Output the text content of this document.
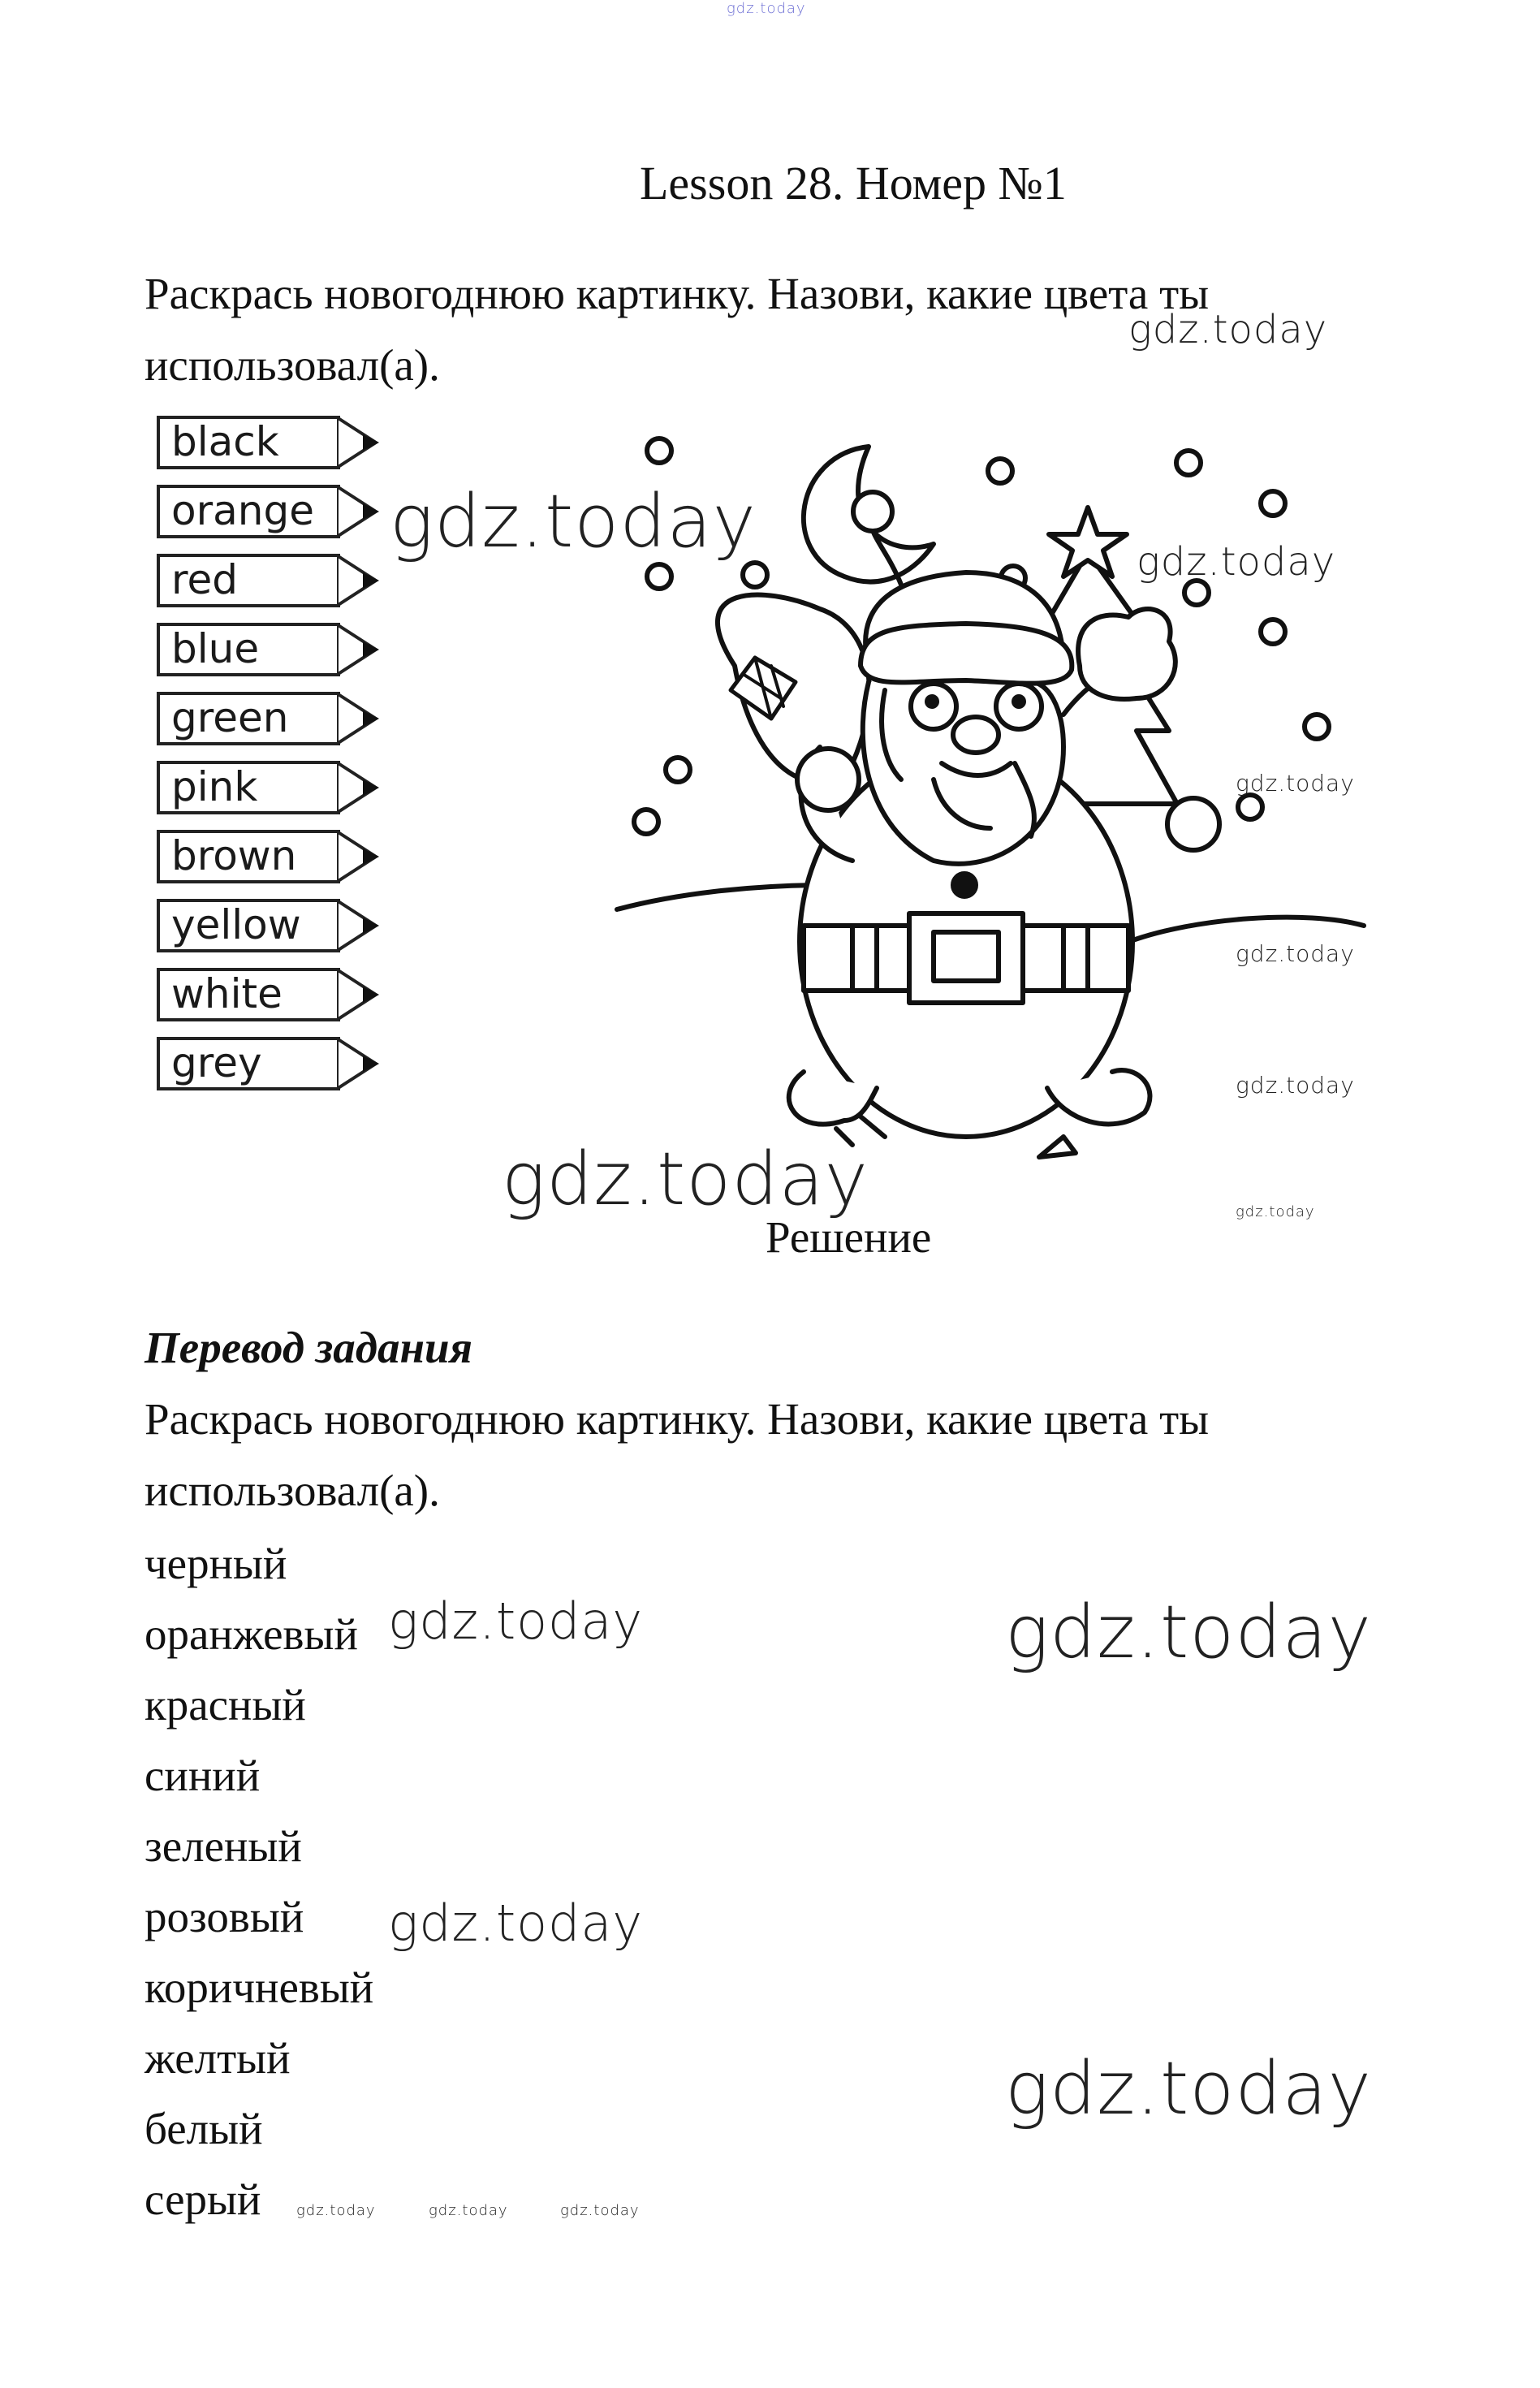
gdz.today
Lesson 28. Номер №1
Раскрась новогоднюю картинку. Назови, какие цвета ты
использовал(а).
black
orange
red
blue
green
pink
brown
yellow
white
grey
gdz.today
gdz.today	gdz.today
gdz.today
gdz.today
gdz.today
gdz.today	gdz.today
Решение
Перевод задания
Раскрась новогоднюю картинку. Назови, какие цвета ты
использовал(а).
черный
оранжевый
красный
синий
зеленый
розовый
коричневый
желтый
белый
серый
gdz.today	gdz.today
gdz.today
gdz.today
gdz.today	gdz.today	gdz.today
